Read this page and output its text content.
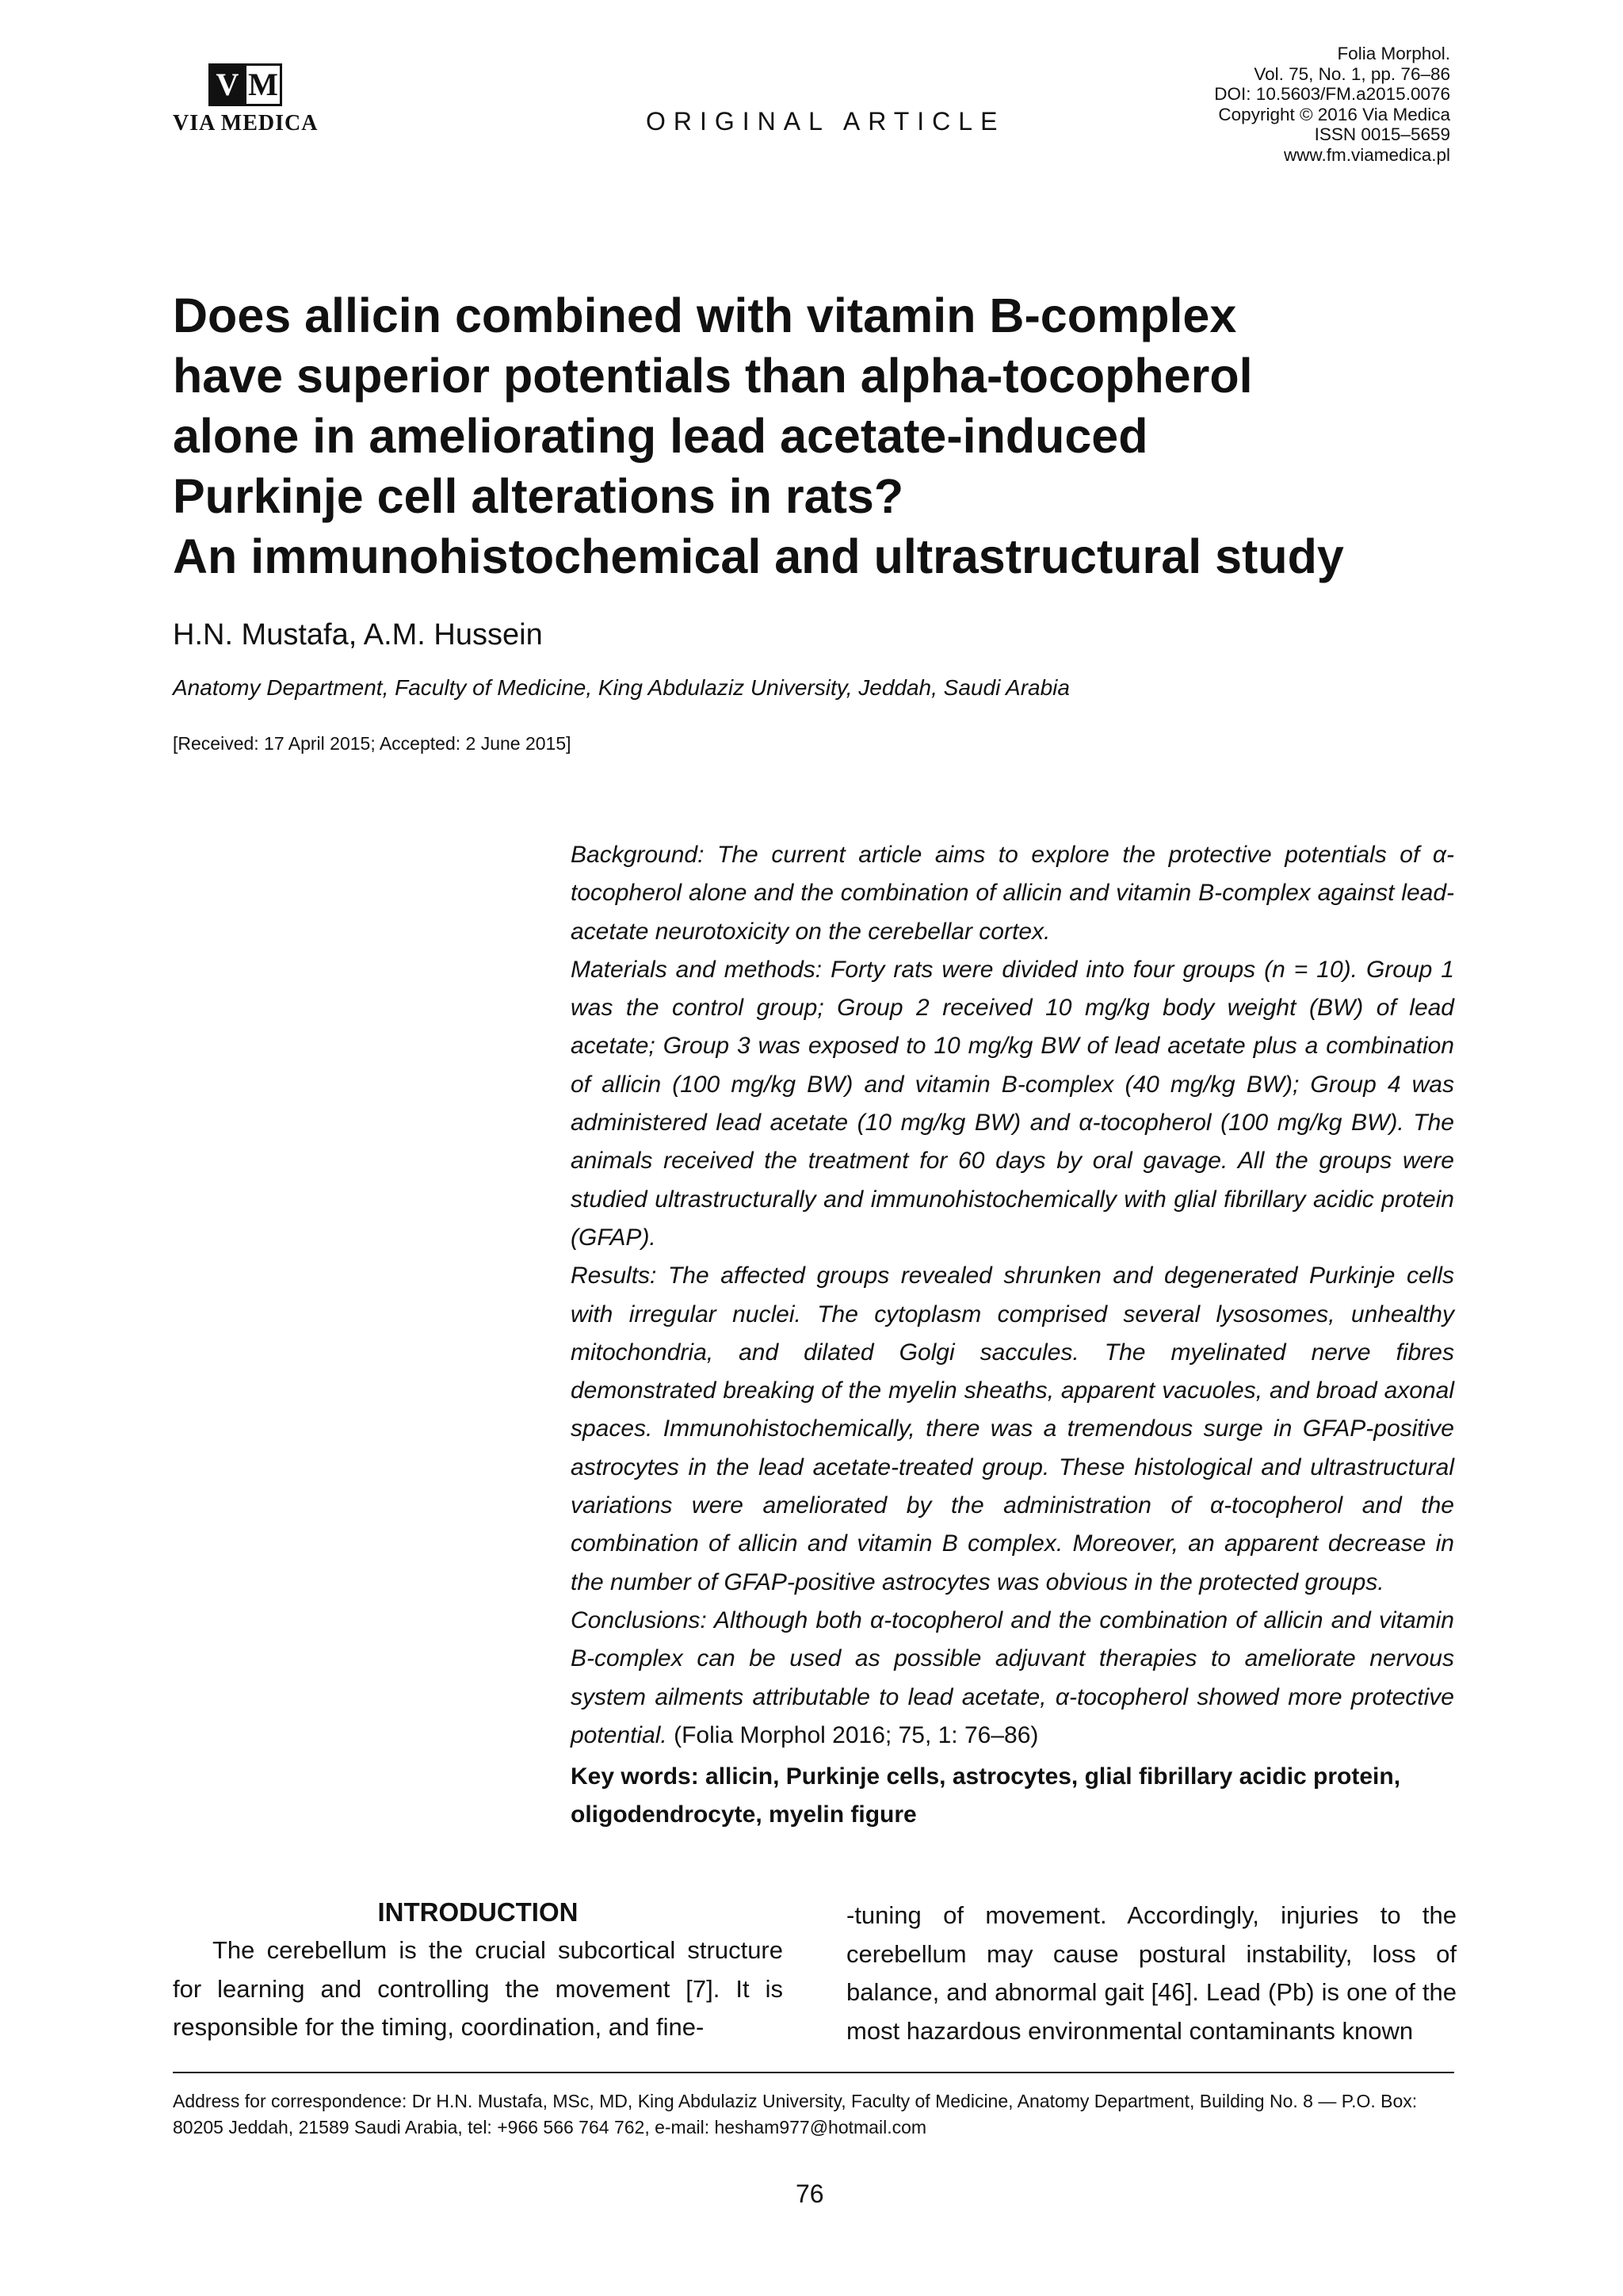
V M
VIA MEDICA	ORIGINAL ARTICLE
Folia Morphol.
Vol. 75, No. 1, pp. 76–86
DOI: 10.5603/FM.a2015.0076
Copyright © 2016 Via Medica
ISSN 0015–5659
www.fm.viamedica.pl
Does allicin combined with vitamin B-complex
have superior potentials than alpha-tocopherol
alone in ameliorating lead acetate-induced
Purkinje cell alterations in rats?
An immunohistochemical and ultrastructural study
H.N. Mustafa, A.M. Hussein
Anatomy Department, Faculty of Medicine, King Abdulaziz University, Jeddah, Saudi Arabia
[Received: 17 April 2015; Accepted: 2 June 2015]

Background: The current article aims to explore the protective potentials of α-tocopherol alone and the combination of allicin and vitamin B-complex against lead-acetate neurotoxicity on the cerebellar cortex.

Materials and methods: Forty rats were divided into four groups (n = 10). Group 1 was the control group; Group 2 received 10 mg/kg body weight (BW) of lead acetate; Group 3 was exposed to 10 mg/kg BW of lead acetate plus a combination of allicin (100 mg/kg BW) and vitamin B-complex (40 mg/kg BW); Group 4 was administered lead acetate (10 mg/kg BW) and α-tocopherol (100 mg/kg BW). The animals received the treatment for 60 days by oral gavage. All the groups were studied ultrastructurally and immunohistochemically with glial fibrillary acidic protein (GFAP).

Results: The affected groups revealed shrunken and degenerated Purkinje cells with irregular nuclei. The cytoplasm comprised several lysosomes, unhealthy mitochondria, and dilated Golgi saccules. The myelinated nerve fibres demonstrated breaking of the myelin sheaths, apparent vacuoles, and broad axonal spaces. Immunohistochemically, there was a tremendous surge in GFAP-positive astrocytes in the lead acetate-treated group. These histological and ultrastructural variations were ameliorated by the administration of α-tocopherol and the combination of allicin and vitamin B complex. Moreover, an apparent decrease in the number of GFAP-positive astrocytes was obvious in the protected groups.

Conclusions: Although both α-tocopherol and the combination of allicin and vitamin B-complex can be used as possible adjuvant therapies to ameliorate nervous system ailments attributable to lead acetate, α-tocopherol showed more protective potential. (Folia Morphol 2016; 75, 1: 76–86)

Key words: allicin, Purkinje cells, astrocytes, glial fibrillary acidic protein, oligodendrocyte, myelin figure
INTRODUCTION

The cerebellum is the crucial subcortical structure for learning and controlling the movement [7]. It is responsible for the timing, coordination, and fine-

-tuning of movement. Accordingly, injuries to the cerebellum may cause postural instability, loss of balance, and abnormal gait [46]. Lead (Pb) is one of the most hazardous environmental contaminants known

Address for correspondence: Dr H.N. Mustafa, MSc, MD, King Abdulaziz University, Faculty of Medicine, Anatomy Department, Building No. 8 — P.O. Box: 80205 Jeddah, 21589 Saudi Arabia, tel: +966 566 764 762, e-mail: hesham977@hotmail.com
76
